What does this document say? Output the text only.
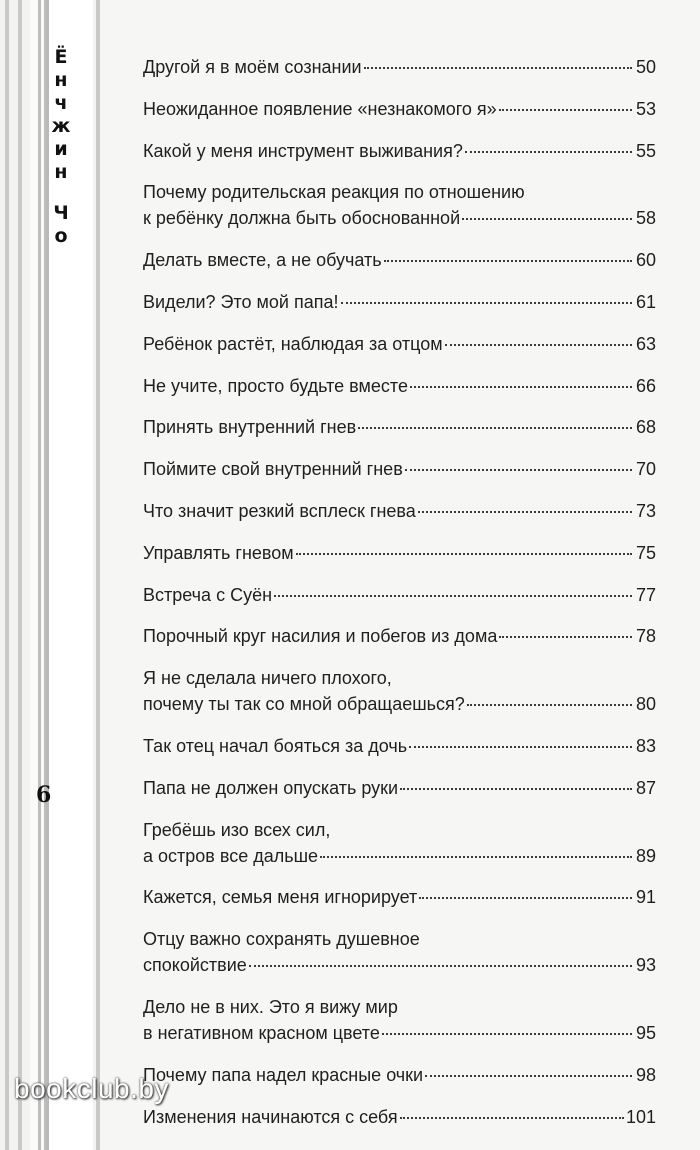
Ё
н
ч
ж
и
н
Ч
о
6
Другой я в моём сознании	50
Неожиданное появление «незнакомого я»	53
Какой у меня инструмент выживания?	55
Почему родительская реакция по отношению
к ребёнку должна быть обоснованной	58
Делать вместе, а не обучать	60
Видели? Это мой папа!	61
Ребёнок растёт, наблюдая за отцом	63
Не учите, просто будьте вместе	66
Принять внутренний гнев	68
Поймите свой внутренний гнев	70
Что значит резкий всплеск гнева	73
Управлять гневом	75
Встреча с Суён	77
Порочный круг насилия и побегов из дома	78
Я не сделала ничего плохого,
почему ты так со мной обращаешься?	80
Так отец начал бояться за дочь	83
Папа не должен опускать руки	87
Гребёшь изо всех сил,
а остров все дальше	89
Кажется, семья меня игнорирует	91
Отцу важно сохранять душевное
спокойствие	93
Дело не в них. Это я вижу мир
в негативном красном цвете	95
Почему папа надел красные очки	98
Изменения начинаются с себя	101
bookclub.by
